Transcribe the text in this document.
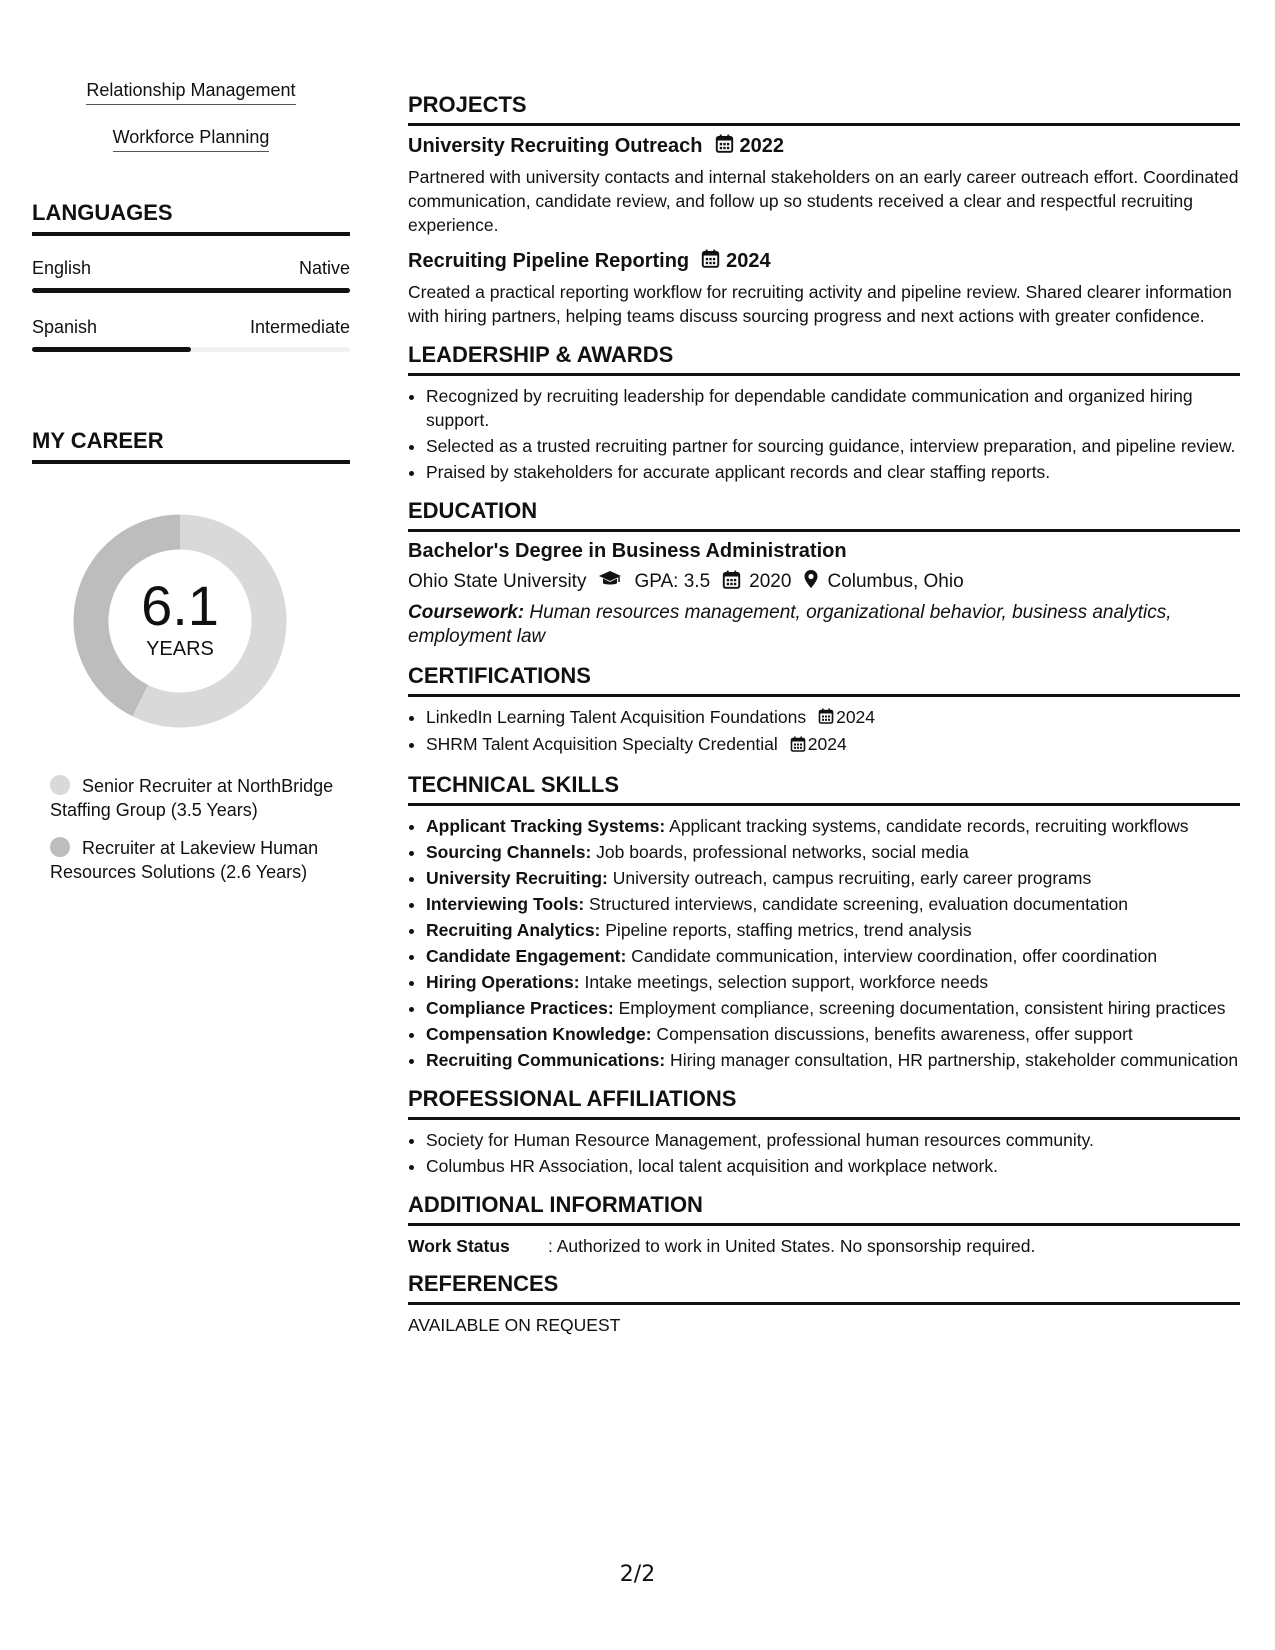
Relationship Management
Workforce Planning
LANGUAGES
English	Native
Spanish	Intermediate
MY CAREER
6.1
YEARS
Senior Recruiter at NorthBridge Staffing Group (3.5 Years)
Recruiter at Lakeview Human Resources Solutions (2.6 Years)
PROJECTS
University Recruiting Outreach 2022
Partnered with university contacts and internal stakeholders on an early career outreach effort. Coordinated communication, candidate review, and follow up so students received a clear and respectful recruiting experience.
Recruiting Pipeline Reporting 2024
Created a practical reporting workflow for recruiting activity and pipeline review. Shared clearer information with hiring partners, helping teams discuss sourcing progress and next actions with greater confidence.
LEADERSHIP & AWARDS
• Recognized by recruiting leadership for dependable candidate communication and organized hiring support.
• Selected as a trusted recruiting partner for sourcing guidance, interview preparation, and pipeline review.
• Praised by stakeholders for accurate applicant records and clear staffing reports.
EDUCATION
Bachelor's Degree in Business Administration
Ohio State University	GPA: 3.5 2020 Columbus, Ohio
Coursework: Human resources management, organizational behavior, business analytics, employment law
CERTIFICATIONS
• LinkedIn Learning Talent Acquisition Foundations 2024
• SHRM Talent Acquisition Specialty Credential 2024
TECHNICAL SKILLS
• Applicant Tracking Systems: Applicant tracking systems, candidate records, recruiting workflows
• Sourcing Channels: Job boards, professional networks, social media
• University Recruiting: University outreach, campus recruiting, early career programs
• Interviewing Tools: Structured interviews, candidate screening, evaluation documentation
• Recruiting Analytics: Pipeline reports, staffing metrics, trend analysis
• Candidate Engagement: Candidate communication, interview coordination, offer coordination
• Hiring Operations: Intake meetings, selection support, workforce needs
• Compliance Practices: Employment compliance, screening documentation, consistent hiring practices
• Compensation Knowledge: Compensation discussions, benefits awareness, offer support
• Recruiting Communications: Hiring manager consultation, HR partnership, stakeholder communication
PROFESSIONAL AFFILIATIONS
• Society for Human Resource Management, professional human resources community.
• Columbus HR Association, local talent acquisition and workplace network.
ADDITIONAL INFORMATION
Work Status	: Authorized to work in United States. No sponsorship required.
REFERENCES
AVAILABLE ON REQUEST
2/2
